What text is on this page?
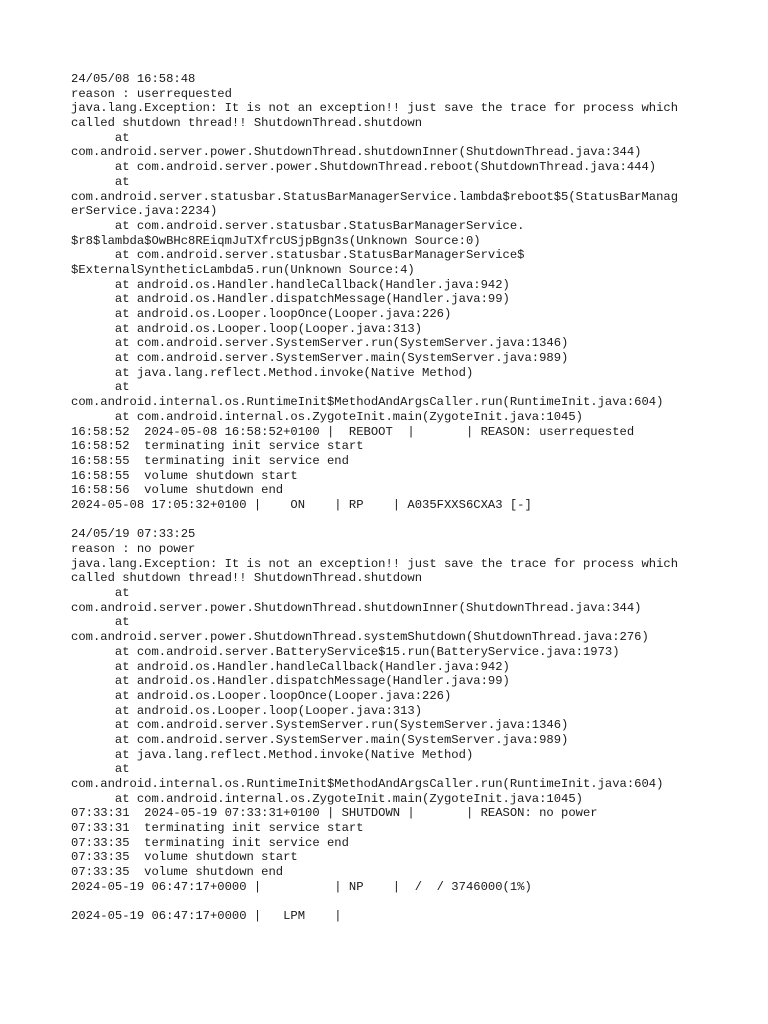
24/05/08 16:58:48
reason : userrequested
java.lang.Exception: It is not an exception!! just save the trace for process which
called shutdown thread!! ShutdownThread.shutdown
at
com.android.server.power.ShutdownThread.shutdownInner(ShutdownThread.java:344)
at com.android.server.power.ShutdownThread.reboot(ShutdownThread.java:444)
at
com.android.server.statusbar.StatusBarManagerService.lambda$reboot$5(StatusBarManag
erService.java:2234)
at com.android.server.statusbar.StatusBarManagerService.
$r8$lambda$OwBHc8REiqmJuTXfrcUSjpBgn3s(Unknown Source:0)
at com.android.server.statusbar.StatusBarManagerService$
$ExternalSyntheticLambda5.run(Unknown Source:4)
at android.os.Handler.handleCallback(Handler.java:942)
at android.os.Handler.dispatchMessage(Handler.java:99)
at android.os.Looper.loopOnce(Looper.java:226)
at android.os.Looper.loop(Looper.java:313)
at com.android.server.SystemServer.run(SystemServer.java:1346)
at com.android.server.SystemServer.main(SystemServer.java:989)
at java.lang.reflect.Method.invoke(Native Method)
at
com.android.internal.os.RuntimeInit$MethodAndArgsCaller.run(RuntimeInit.java:604)
at com.android.internal.os.ZygoteInit.main(ZygoteInit.java:1045)
16:58:52  2024-05-08 16:58:52+0100 |  REBOOT  |       | REASON: userrequested
16:58:52  terminating init service start
16:58:55  terminating init service end
16:58:55  volume shutdown start
16:58:56  volume shutdown end
2024-05-08 17:05:32+0100 |    ON    | RP    | A035FXXS6CXA3 [-]
24/05/19 07:33:25
reason : no power
java.lang.Exception: It is not an exception!! just save the trace for process which
called shutdown thread!! ShutdownThread.shutdown
at
com.android.server.power.ShutdownThread.shutdownInner(ShutdownThread.java:344)
at
com.android.server.power.ShutdownThread.systemShutdown(ShutdownThread.java:276)
at com.android.server.BatteryService$15.run(BatteryService.java:1973)
at android.os.Handler.handleCallback(Handler.java:942)
at android.os.Handler.dispatchMessage(Handler.java:99)
at android.os.Looper.loopOnce(Looper.java:226)
at android.os.Looper.loop(Looper.java:313)
at com.android.server.SystemServer.run(SystemServer.java:1346)
at com.android.server.SystemServer.main(SystemServer.java:989)
at java.lang.reflect.Method.invoke(Native Method)
at
com.android.internal.os.RuntimeInit$MethodAndArgsCaller.run(RuntimeInit.java:604)
at com.android.internal.os.ZygoteInit.main(ZygoteInit.java:1045)
07:33:31  2024-05-19 07:33:31+0100 | SHUTDOWN |       | REASON: no power
07:33:31  terminating init service start
07:33:35  terminating init service end
07:33:35  volume shutdown start
07:33:35  volume shutdown end
2024-05-19 06:47:17+0000 |          | NP    |  /  / 3746000(1%)
2024-05-19 06:47:17+0000 |   LPM    |
